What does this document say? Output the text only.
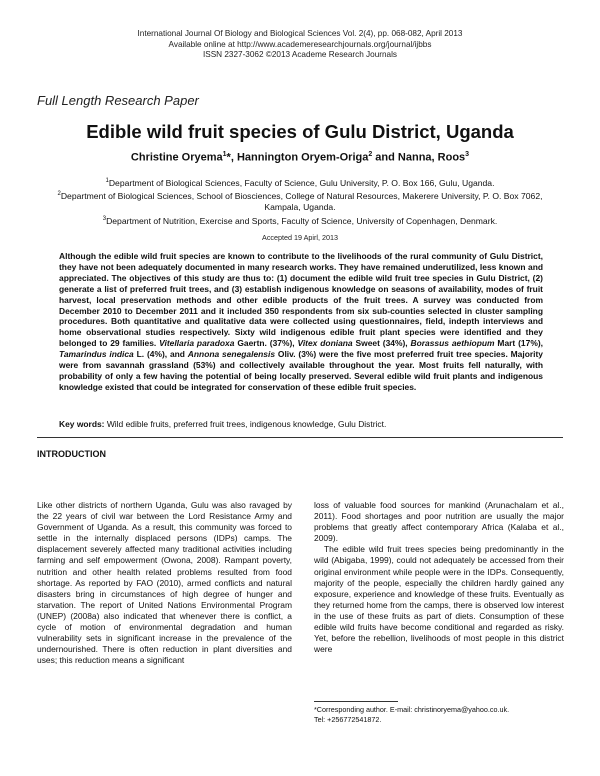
International Journal Of Biology and Biological Sciences Vol. 2(4), pp. 068-082, April 2013
Available online at http://www.academeresearchjournals.org/journal/ijbbs
ISSN 2327-3062 ©2013 Academe Research Journals
Full Length Research Paper
Edible wild fruit species of Gulu District, Uganda
Christine Oryema$^1$*, Hannington Oryem-Origa$^2$ and Nanna, Roos$^3$
$^1$Department of Biological Sciences, Faculty of Science, Gulu University, P. O. Box 166, Gulu, Uganda.
$^2$Department of Biological Sciences, School of Biosciences, College of Natural Resources, Makerere University, P. O. Box 7062, Kampala, Uganda.
$^3$Department of Nutrition, Exercise and Sports, Faculty of Science, University of Copenhagen, Denmark.
Accepted 19 Apirl, 2013
Although the edible wild fruit species are known to contribute to the livelihoods of the rural community of Gulu District, they have not been adequately documented in many research works. They have remained underutilized, less known and appreciated. The objectives of this study are thus to: (1) document the edible wild fruit tree species in Gulu District, (2) generate a list of preferred fruit trees, and (3) establish indigenous knowledge on seasons of availability, modes of fruit harvest, local preservation methods and other edible products of the fruit trees. A survey was conducted from December 2010 to December 2011 and it included 350 respondents from six sub-counties selected in cluster sampling procedures. Both quantitative and qualitative data were collected using questionnaires, field, indepth interviews and home observational studies respectively. Sixty wild indigenous edible fruit plant species were identified and they belonged to 29 families. Vitellaria paradoxa Gaertn. (37%), Vitex doniana Sweet (34%), Borassus aethiopum Mart (17%), Tamarindus indica L. (4%), and Annona senegalensis Oliv. (3%) were the five most preferred fruit tree species. Majority were from savannah grassland (53%) and collectively available throughout the year. Most fruits fell naturally, with probability of only a few having the potential of being locally preserved. Several edible wild fruit plants and indigenous knowledge existed that could be integrated for conservation of these edible fruit species.
Key words: Wild edible fruits, preferred fruit trees, indigenous knowledge, Gulu District.
INTRODUCTION

Like other districts of northern Uganda, Gulu was also ravaged by the 22 years of civil war between the Lord Resistance Army and Government of Uganda. As a result, this community was forced to settle in the internally displaced persons (IDPs) camps. The displacement severely affected many traditional activities including farming and self empowerment (Owona, 2008). Rampant poverty, nutrition and other health related problems resulted from food shortage. As reported by FAO (2010), armed conflicts and natural disasters bring in circumstances of high degree of hunger and starvation. The report of United Nations Environmental Program (UNEP) (2008a) also indicated that whenever there is conflict, a cycle of motion of environmental degradation and human vulnerability sets in significant increase in the prevalence of the undernourished. There is often reduction in plant diversities and uses; this reduction means a significant

loss of valuable food sources for mankind (Arunachalam et al., 2011). Food shortages and poor nutrition are usually the major problems that greatly affect contemporary Africa (Kalaba et al., 2009).

The edible wild fruit trees species being predominantly in the wild (Abigaba, 1999), could not adequately be accessed from their original environment while people were in the IDPs. Consequently, majority of the people, especially the children hardly gained any exposure, experience and knowledge of these fruits. Eventually as they returned home from the camps, there is observed low interest in the use of these fruits as part of diets. Consumption of these edible wild fruits have become conditional and regarded as risky. Yet, before the rebellion, livelihoods of most people in this district were

*Corresponding author. E-mail: christinoryema@yahoo.co.uk.
Tel: +256772541872.
